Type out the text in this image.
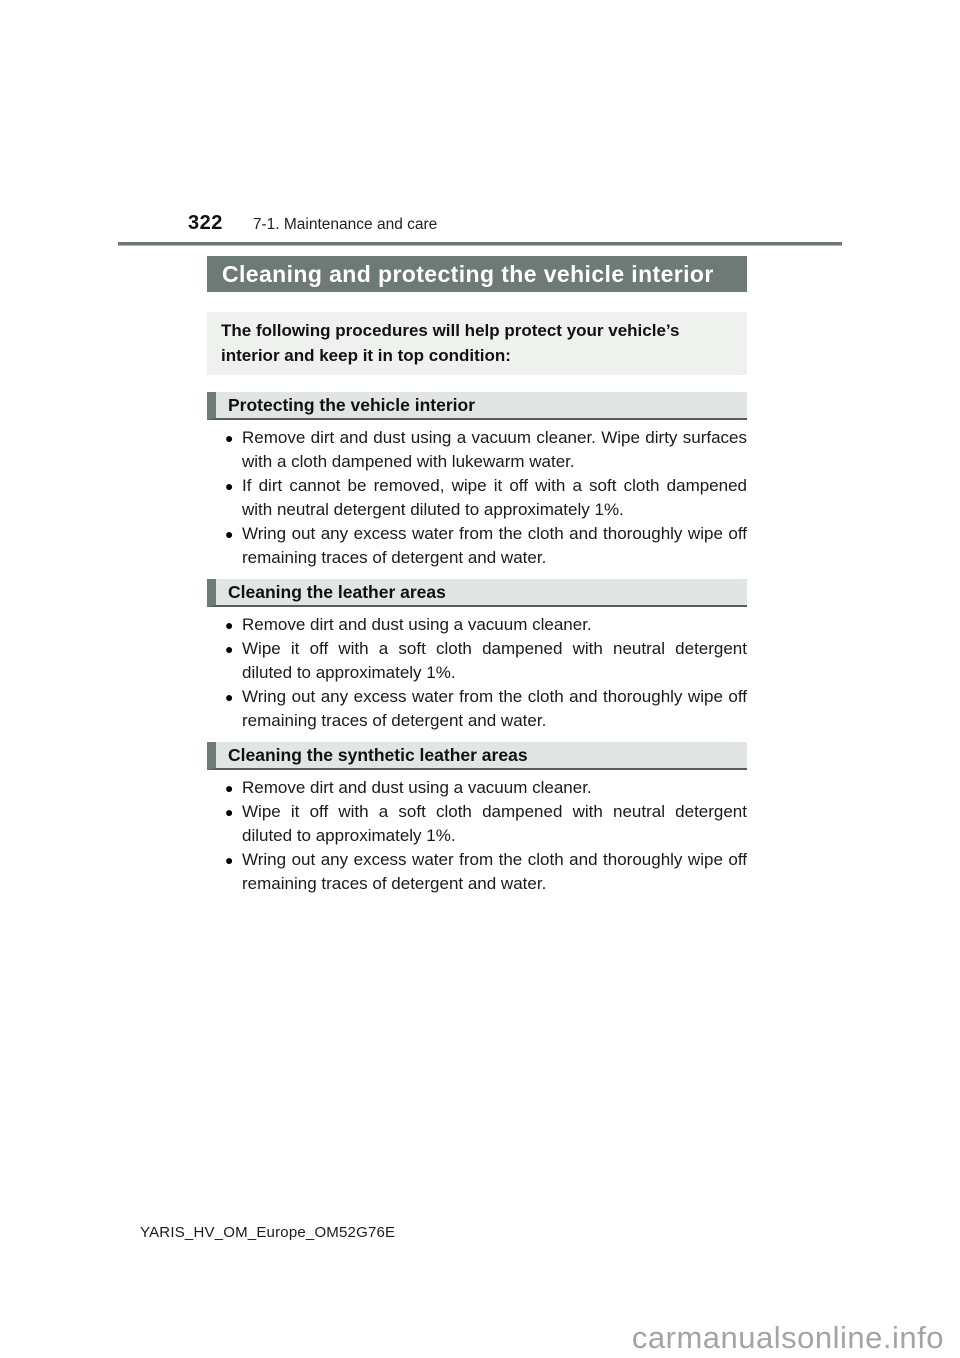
322 7-1. Maintenance and care
Cleaning and protecting the vehicle interior
The following procedures will help protect your vehicle’s interior and keep it in top condition:
Protecting the vehicle interior
● Remove dirt and dust using a vacuum cleaner. Wipe dirty surfaces with a cloth dampened with lukewarm water.
● If dirt cannot be removed, wipe it off with a soft cloth dampened with neutral detergent diluted to approximately 1%.
● Wring out any excess water from the cloth and thoroughly wipe off remaining traces of detergent and water.
Cleaning the leather areas
● Remove dirt and dust using a vacuum cleaner.
● Wipe it off with a soft cloth dampened with neutral detergent diluted to approximately 1%.
● Wring out any excess water from the cloth and thoroughly wipe off remaining traces of detergent and water.
Cleaning the synthetic leather areas
● Remove dirt and dust using a vacuum cleaner.
● Wipe it off with a soft cloth dampened with neutral detergent diluted to approximately 1%.
● Wring out any excess water from the cloth and thoroughly wipe off remaining traces of detergent and water.
YARIS_HV_OM_Europe_OM52G76E
carmanualsonline.info
